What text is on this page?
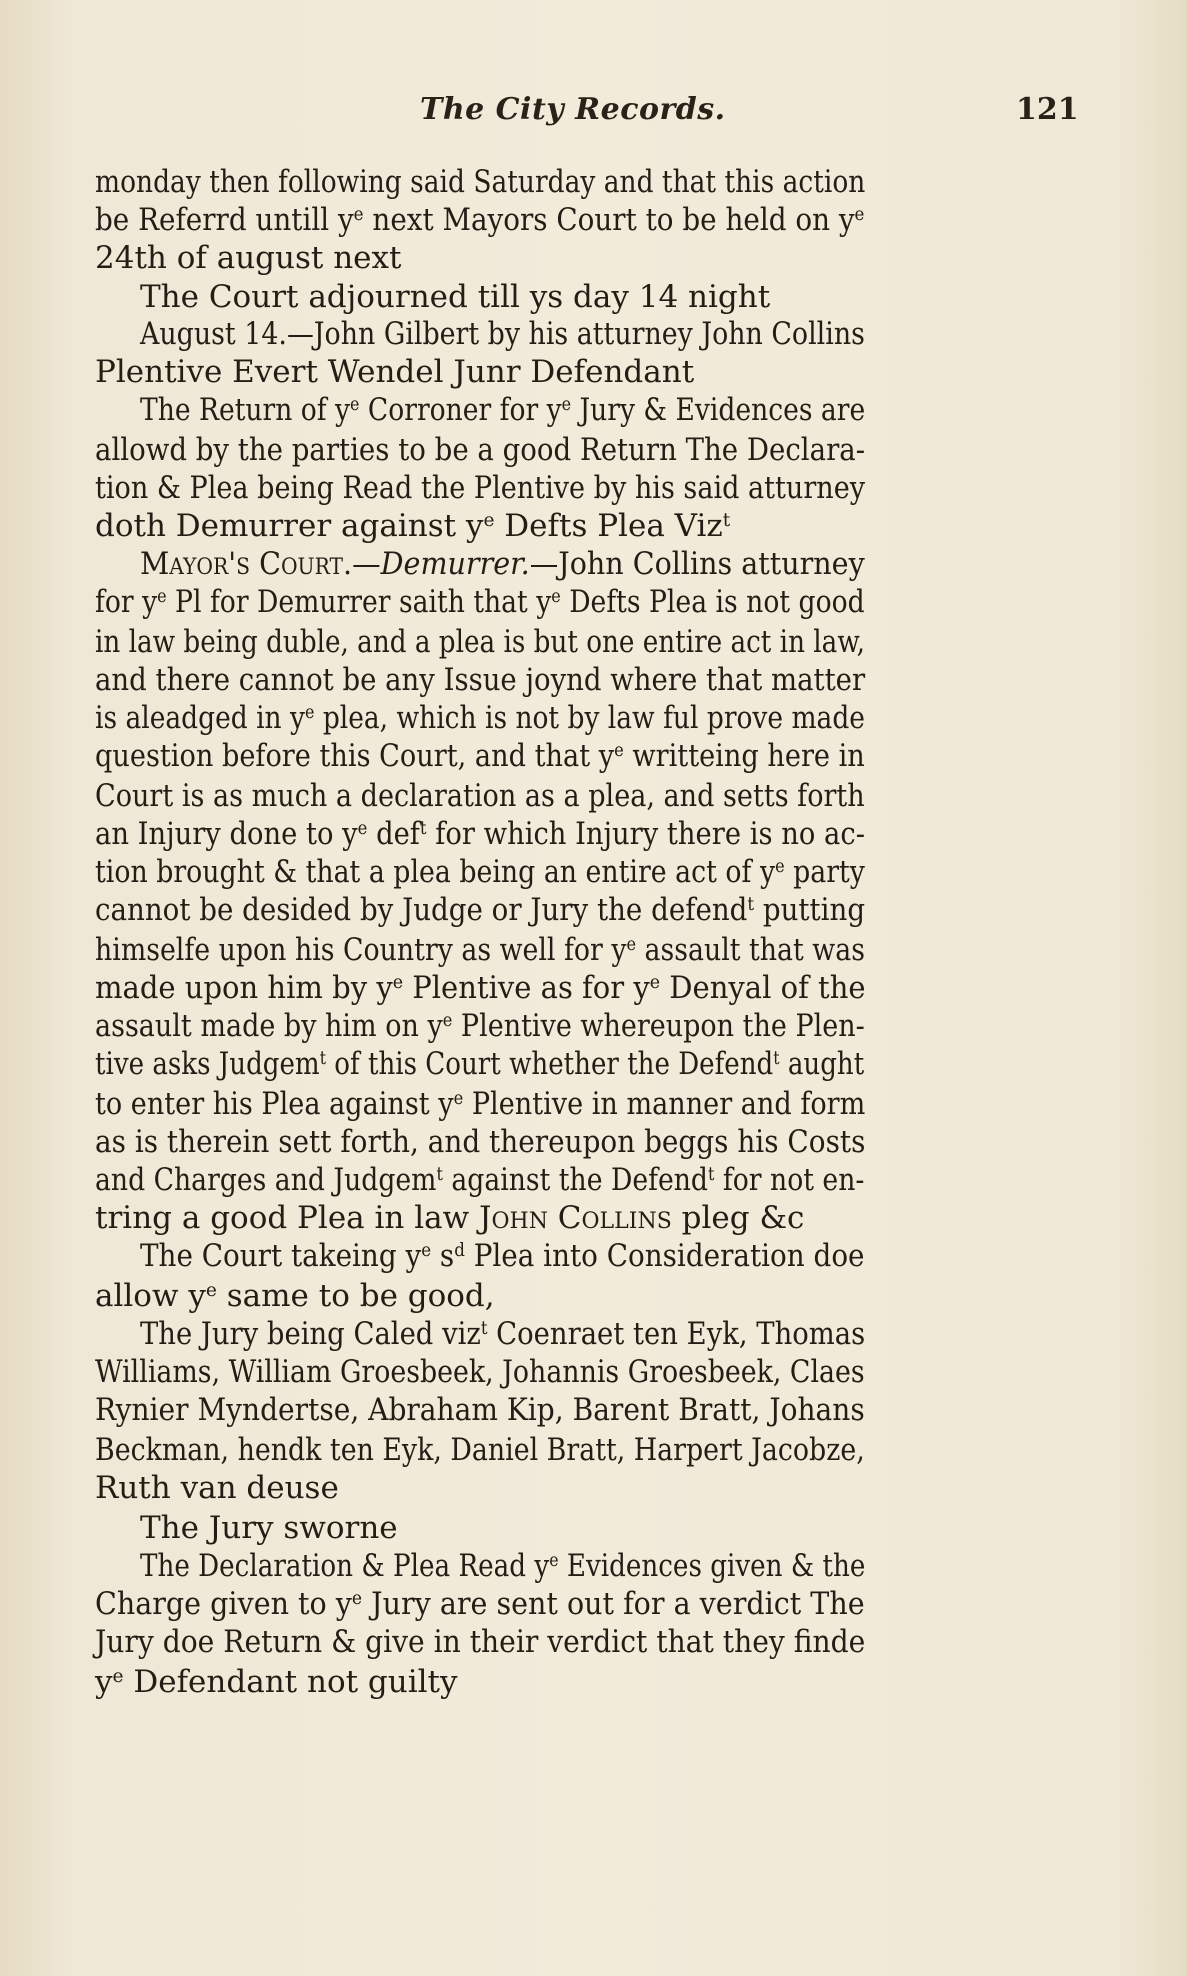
The City Records.	121
monday then following said Saturday and that this action
be Referrd untill $y^e$ next Mayors Court to be held on $y^e$
24th of august next
The Court adjourned till ys day 14 night
August 14.—John Gilbert by his atturney John Collins
Plentive Evert Wendel Junr Defendant
The Return of $y^e$ Corroner for $y^e$ Jury & Evidences are
allowd by the parties to be a good Return The Declara-
tion & Plea being Read the Plentive by his said atturney
doth Demurrer against $y^e$ Defts Plea Viz$^t$
Mayor's Court.—Demurrer.—John Collins atturney
for $y^e$ Pl for Demurrer saith that $y^e$ Defts Plea is not good
in law being duble, and a plea is but one entire act in law,
and there cannot be any Issue joynd where that matter
is aleadged in $y^e$ plea, which is not by law ful prove made
question before this Court, and that $y^e$ writteing here in
Court is as much a declaration as a plea, and setts forth
an Injury done to $y^e$ def$^t$ for which Injury there is no ac-
tion brought & that a plea being an entire act of $y^e$ party
cannot be desided by Judge or Jury the defend$^t$ putting
himselfe upon his Country as well for $y^e$ assault that was
made upon him by $y^e$ Plentive as for $y^e$ Denyal of the
assault made by him on $y^e$ Plentive whereupon the Plen-
tive asks Judgem$^t$ of this Court whether the Defend$^t$ aught
to enter his Plea against $y^e$ Plentive in manner and form
as is therein sett forth, and thereupon beggs his Costs
and Charges and Judgem$^t$ against the Defend$^t$ for not en-
tring a good Plea in law John Collins pleg &c
The Court takeing $y^e$ $s^d$ Plea into Consideration doe
allow $y^e$ same to be good,
The Jury being Caled viz$^t$ Coenraet ten Eyk, Thomas
Williams, William Groesbeek, Johannis Groesbeek, Claes
Rynier Myndertse, Abraham Kip, Barent Bratt, Johans
Beckman, hendk ten Eyk, Daniel Bratt, Harpert Jacobze,
Ruth van deuse
The Jury sworne
The Declaration & Plea Read $y^e$ Evidences given & the
Charge given to $y^e$ Jury are sent out for a verdict The
Jury doe Return & give in their verdict that they finde
$y^e$ Defendant not guilty
